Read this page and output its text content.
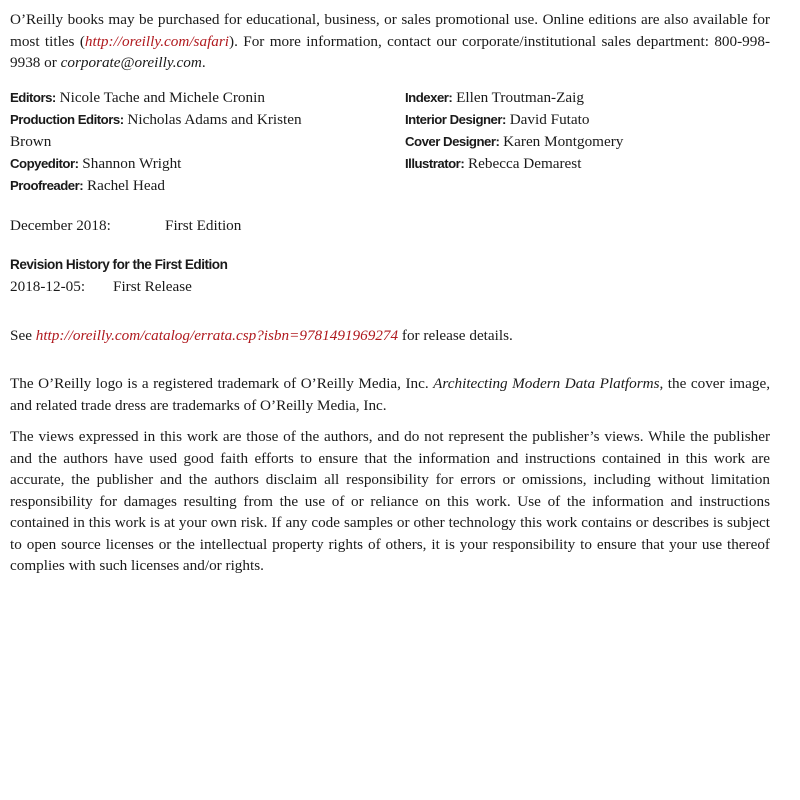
O’Reilly books may be purchased for educational, business, or sales promotional use. Online editions are also available for most titles (http://oreilly.com/safari). For more information, contact our corporate/institutional sales department: 800-998-9938 or corporate@oreilly.com.

Editors: Nicole Tache and Michele Cronin
Production Editors: Nicholas Adams and Kristen Brown
Copyeditor: Shannon Wright
Proofreader: Rachel Head
Indexer: Ellen Troutman-Zaig
Interior Designer: David Futato
Cover Designer: Karen Montgomery
Illustrator: Rebecca Demarest
December 2018:	First Edition
Revision History for the First Edition
2018-12-05: First Release

See http://oreilly.com/catalog/errata.csp?isbn=9781491969274 for release details.

The O’Reilly logo is a registered trademark of O’Reilly Media, Inc. Architecting Modern Data Platforms, the cover image, and related trade dress are trademarks of O’Reilly Media, Inc.

The views expressed in this work are those of the authors, and do not represent the publisher’s views. While the publisher and the authors have used good faith efforts to ensure that the information and instructions contained in this work are accurate, the publisher and the authors disclaim all responsibility for errors or omissions, including without limitation responsibility for damages resulting from the use of or reliance on this work. Use of the information and instructions contained in this work is at your own risk. If any code samples or other technology this work contains or describes is subject to open source licenses or the intellectual property rights of others, it is your responsibility to ensure that your use thereof complies with such licenses and/or rights.
